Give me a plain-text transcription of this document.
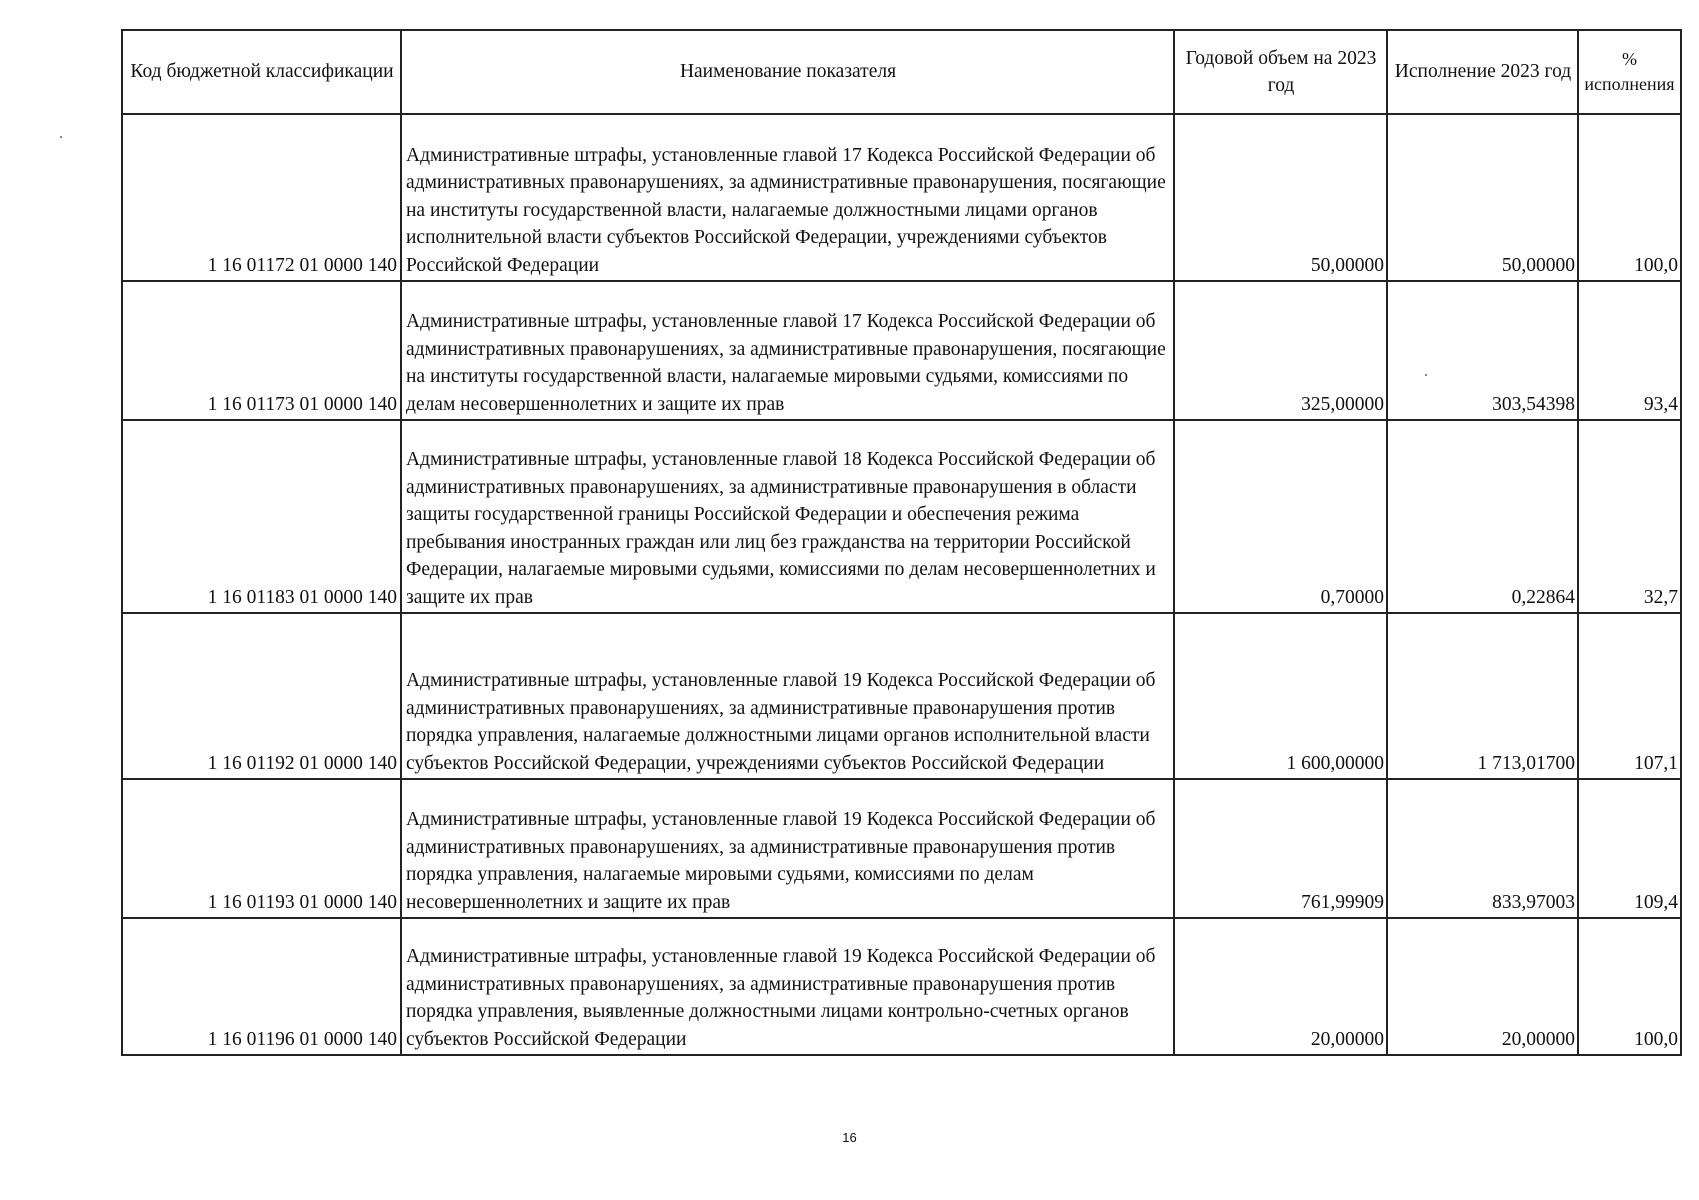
Код бюджетной классификации	Наименование показателя	Годовой объем на 2023 год	Исполнение 2023 год	% исполнения
1 16 01172 01 0000 140	Административные штрафы, установленные главой 17 Кодекса Российской Федерации об административных правонарушениях, за административные правонарушения, посягающие на институты государственной власти, налагаемые должностными лицами органов исполнительной власти субъектов Российской Федерации, учреждениями субъектов Российской Федерации	50,00000	50,00000	100,0
1 16 01173 01 0000 140	Административные штрафы, установленные главой 17 Кодекса Российской Федерации об административных правонарушениях, за административные правонарушения, посягающие на институты государственной власти, налагаемые мировыми судьями, комиссиями по делам несовершеннолетних и защите их прав	325,00000	303,54398	93,4
1 16 01183 01 0000 140	Административные штрафы, установленные главой 18 Кодекса Российской Федерации об административных правонарушениях, за административные правонарушения в области защиты государственной границы Российской Федерации и обеспечения режима пребывания иностранных граждан или лиц без гражданства на территории Российской Федерации, налагаемые мировыми судьями, комиссиями по делам несовершеннолетних и защите их прав	0,70000	0,22864	32,7
1 16 01192 01 0000 140	Административные штрафы, установленные главой 19 Кодекса Российской Федерации об административных правонарушениях, за административные правонарушения против порядка управления, налагаемые должностными лицами органов исполнительной власти субъектов Российской Федерации, учреждениями субъектов Российской Федерации	1 600,00000	1 713,01700	107,1
1 16 01193 01 0000 140	Административные штрафы, установленные главой 19 Кодекса Российской Федерации об административных правонарушениях, за административные правонарушения против порядка управления, налагаемые мировыми судьями, комиссиями по делам несовершеннолетних и защите их прав	761,99909	833,97003	109,4
1 16 01196 01 0000 140	Административные штрафы, установленные главой 19 Кодекса Российской Федерации об административных правонарушениях, за административные правонарушения против порядка управления, выявленные должностными лицами контрольно-счетных органов субъектов Российской Федерации	20,00000	20,00000	100,0
16
